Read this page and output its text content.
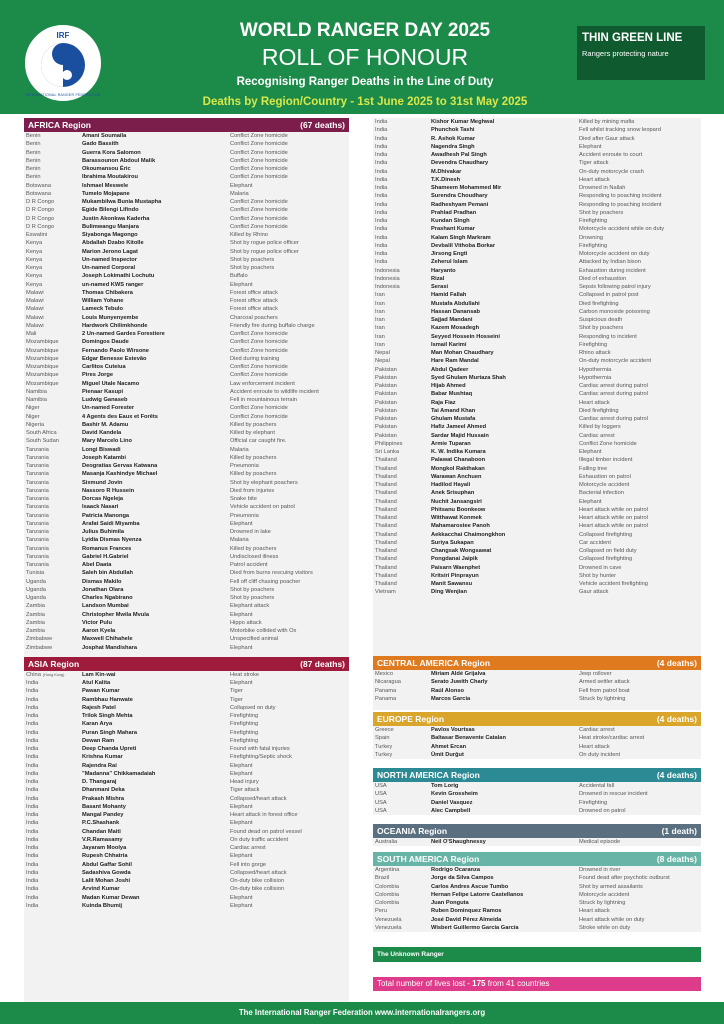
IRF
INTERNATIONAL RANGER FEDERATION
WORLD RANGER DAY 2025
ROLL OF HONOUR
Recognising Ranger Deaths in the Line of Duty
Deaths by Region/Country - 1st June 2025 to 31st May 2025
THIN GREEN LINE
Rangers protecting nature
AFRICA Region	(67 deaths)
Benin	Amani Soumaila	Conflict Zone homicide
Benin	Gado Bassith	Conflict Zone homicide
Benin	Guerra Kora Salomon	Conflict Zone homicide
Benin	Barassounon Abdoul Malik	Conflict Zone homicide
Benin	Okoumansou Éric	Conflict Zone homicide
Benin	Ibrahima Moutakirou	Conflict Zone homicide
Botswana	Ishmael Meswele	Elephant
Botswana	Tumelo Mojapane	Malaria
D R Congo	Mukambilwa Bunia Mustapha	Conflict Zone homicide
D R Congo	Egide Bilengi Lifindo	Conflict Zone homicide
D R Congo	Justin Akonkwa Kaderha	Conflict Zone homicide
D R Congo	Bulimwangu Manjara	Conflict Zone homicide
Eswatini	Siyabonga Magongo	Killed by Rhino
Kenya	Abdallah Dzabo Kitolle	Shot by rogue police officer
Kenya	Marion Jerono Lagat	Shot by rogue police officer
Kenya	Un-named Inspector	Shot by poachers
Kenya	Un-named Corporal	Shot by poachers
Kenya	Joseph Lokimathi Lochutu	Buffalo
Kenya	un-named KWS ranger	Elephant
Malawi	Thomas Chibakera	Forest office attack
Malawi	William Yohane	Forest office attack
Malawi	Lameck Tebulo	Forest office attack
Malawi	Louis Munyenyembe	Charcoal poachers
Malawi	Hardwork Chilimkhonde	Friendly fire during buffalo charge
Mali	2 Un-named Gardes Forestiere	Conflict Zone homicide
Mozambique	Domingos Daude	Conflict Zone homicide
Mozambique	Fernando Paolo Wirsone	Conflict Zone homicide
Mozambique	Edgar Benesse Estevão	Died during training
Mozambique	Carlitos Cuteiua	Conflict Zone homicide
Mozambique	Pires Jorge	Conflict Zone homicide
Mozambique	Miguel Utale Nacamo	Law enforcement incident
Namibia	Pienaar Kasupi	Accident enroute to wildlife incident
Namibia	Ludwig Ganaseb	Fell in mountainous terrain
Niger	Un-named Forester	Conflict Zone homicide
Niger	4 Agents des Eaux et Forêts	Conflict Zone homicide
Nigeria	Bashir M. Adamu	Killed by poachers
South Africa	David Kandela	Killed by elephant
South Sudan	Mary Marcelo Lino	Official car caught fire.
Tanzania	Longi Biswadi	Malaria
Tanzania	Joseph Katambi	Killed by poachers
Tanzania	Deogratias Gervas Katwana	Pneumonia
Tanzania	Masanja Kashindye Michael	Killed by poachers
Tanzania	Sixmund Jovin	Shot by elephant poachers
Tanzania	Nassoro R Hussein	Died from injuries
Tanzania	Dorcas Ngeleja	Snake bite
Tanzania	Isaack Nasari	Vehicle accident on patrol
Tanzania	Patricia Manonga	Pneumonia
Tanzania	Arafat Saidi Miyamba	Elephant
Tanzania	Julius Buhimila	Drowned in lake
Tanzania	Lyidia Dismas Nyenza	Malaria
Tanzania	Romanus Frances	Killed by poachers
Tanzania	Gabriel H.Gabriel	Undisclosed illness
Tanzania	Abel Daata	Patrol accident
Tunisia	Saleh bin Abdullah	Died from burns rescuing visitors
Uganda	Dismas Makilo	Fell off cliff chasing poacher
Uganda	Jonathan Olara	Shot by poachers
Uganda	Charles Ngabirano	Shot by poachers
Zambia	Landson Mumbai	Elephant attack
Zambia	Christopher Mwila Mvula	Elephant
Zambia	Victor Pulu	Hippo attack
Zambia	Aaron Kyela	Motorbike collided with Ox
Zimbabwe	Maxwell Chihahele	Unspecified animal
Zimbabwe	Josphat Mandishara	Elephant
ASIA Region	(87 deaths)
China (Hong Kong)	Lam Kin-wai	Heat stroke
India	Atul Kalita	Elephant
India	Pawan Kumar	Tiger
India	Rambhau Hanwate	Tiger
India	Rajesh Patel	Collapsed on duty
India	Trilok Singh Mehta	Firefighting
India	Karan Arya	Firefighting
India	Puran Singh Mahara	Firefighting
India	Dewan Ram	Firefighting
India	Deep Chanda Upreti	Found with fatal injuries
India	Krishna Kumar	Firefighting/Septic shock
India	Rajendra Rai	Elephant
India	"Madanna" Chikkamadaiah	Elephant
India	D. Thangaraj	Head injury
India	Dhanmani Deka	Tiger attack
India	Prakash Mishra	Collapsed/heart attack
India	Basant Mohanty	Elephant
India	Mangal Pandey	Heart attack in forest office
India	P.C.Shashank	Elephant
India	Chandan Maiti	Found dead on patrol vessel
India	V.R.Ramasamy	On duty traffic accident
India	Jayaram Moolya	Cardiac arrest
India	Rupesh Chhatria	Elephant
India	Abdul Gaffar Sohil	Fell into gorge
India	Sadashiva Gowda	Collapsed/heart attack
India	Lalit Mohan Joshi	On-duty bike collision
India	Arvind Kumar	On-duty bike collision
India	Madan Kumar Dewan	Elephant
India	Kuinda Bhumij	Elephant
India	Kishor Kumar Meghwal	Killed by mining mafia
India	Phunchok Tashi	Fell whilst tracking snow leopard
India	R. Ashok Kumar	Died after Gaur attack
India	Nagendra Singh	Elephant
India	Awadhesh Pal Singh	Accident enroute to court
India	Devendra Chaudhary	Tiger attack
India	M.Dhivakar	On-duty motorcycle crash
India	T.K.Dinesh	Heart attack
India	Shameem Mohammed Mir	Drowned in Nallah
India	Surendra Choudhary	Responding to poaching incident
India	Radheshyam Pemani	Responding to poaching incident
India	Prahlad Pradhan	Shot by poachers
India	Kundan Singh	Firefighting
India	Prashant Kumar	Motorcycle accident while on duty
India	Kalam Singh Markram	Drowning
India	Devbalil Vithoba Borkar	Firefighting
India	Jirsong Engti	Motorcycle accident on duty
India	Zeherul Islam	Attacked by Indian bison
Indonesia	Haryanto	Exhaustion during incident
Indonesia	Rizal	Died of exhaustion
Indonesia	Serasi	Sepsis following patrol injury
Iran	Hamid Fallah	Collapsed in patrol post
Iran	Mustafa Abdullahi	Died firefighting
Iran	Hassan Danansab	Carbon monoxide poisoning
Iran	Sajjad Mandani	Suspicious death
Iran	Kazem Mosadegh	Shot by poachers
Iran	Seyyed Hossein Hosseini	Responding to incident
Iran	Ismail Karimi	Firefighting
Nepal	Man Mohan Chaudhary	Rhino attack
Nepal	Hare Ram Mandal	On-duty motorcycle accident
Pakistan	Abdul Qadeer	Hypothermia
Pakistan	Syed Ghulam Murtaza Shah	Hypothermia
Pakistan	Hijab Ahmed	Cardiac arrest during patrol
Pakistan	Babar Mushtaq	Cardiac arrest during patrol
Pakistan	Raja Fiaz	Heart attack
Pakistan	Tai Amand Khan	Died firefighting
Pakistan	Ghulam Mustafa	Cardiac arrest during patrol
Pakistan	Hafiz Jameel Ahmed	Killed by loggers
Pakistan	Sardar Majid Hussain	Cardiac arrest
Philippines	Armie Tuparan	Conflict Zone homicide
Sri Lanka	K. W. Indika Kumara	Elephant
Thailand	Palawat Chanaboon	Illegal timber incident
Thailand	Mongkol Rakthakan	Falling tree
Thailand	Warawan Anchuen	Exhaustion on patrol
Thailand	Hadilod Hayali	Motorcycle accident
Thailand	Anek Srisuphan	Bacterial infection
Thailand	Nuchit Jansangsiri	Elephant
Thailand	Phitsanu Boonkeow	Heart attack while on patrol
Thailand	Witthawat Konmek	Heart attack while on patrol
Thailand	Mahamarostee Panoh	Heart attack while on patrol
Thailand	Aekkacchai Chaimongkhon	Collapsed firefighting
Thailand	Suriya Sukapan	Car accident
Thailand	Changsak Wongsawat	Collapsed on field duty
Thailand	Pongdanai Jaipik	Collapsed firefighting
Thailand	Paisarn Waenphet	Drowned in cave
Thailand	Kritsiri Pinprayun	Shot by hunter
Thailand	Manit Sawansu	Vehicle accident firefighting
Vietnam	Ding Wenjian	Gaur attack
CENTRAL AMERICA Region	(4 deaths)
Mexico	Miriam Aldé Grijalva	Jeep rollover
Nicaragua	Serato Juwith Charly	Armed settler attack
Panama	Raúl Alonso	Fell from patrol boat
Panama	Marcos Garcia	Struck by lightning
EUROPE Region	(4 deaths)
Greece	Pavlos Vourtsas	Cardiac arrest
Spain	Baltasar Benavente Catalan	Heat stroke/cardiac arrest
Turkey	Ahmet Ercan	Heart attack
Turkey	Ümit Durğut	On duty incident
NORTH AMERICA Region	(4 deaths)
USA	Tom Lorig	Accidental fall
USA	Kevin Grossheim	Drowned in rescue incident
USA	Daniel Vasquez	Firefighting
USA	Alec Campbell	Drowned on patrol
OCEANIA Region	(1 death)
Australia	Neil O'Shaughnessy	Medical episode
SOUTH AMERICA Region	(8 deaths)
Argentina	Rodrigo Ocaranza	Drowned in river
Brazil	Jorge da Silva Campos	Found dead after psychotic outburst
Colombia	Carlos Andres Ascue Tumbo	Shot by armed assailants
Colombia	Hernan Felipe Latorre Castellanos	Motorcycle accident
Colombia	Juan Ponguta	Struck by lightning
Peru	Ruben Dominquez Ramos	Heart attack
Venezuela	José David Pérez Almeida	Heart attack while on duty
Venezuela	Wisbert Guillermo García García	Stroke while on duty
The Unknown Ranger
Total number of lives lost - 175 from 41 countries
The International Ranger Federation www.internationalrangers.org
